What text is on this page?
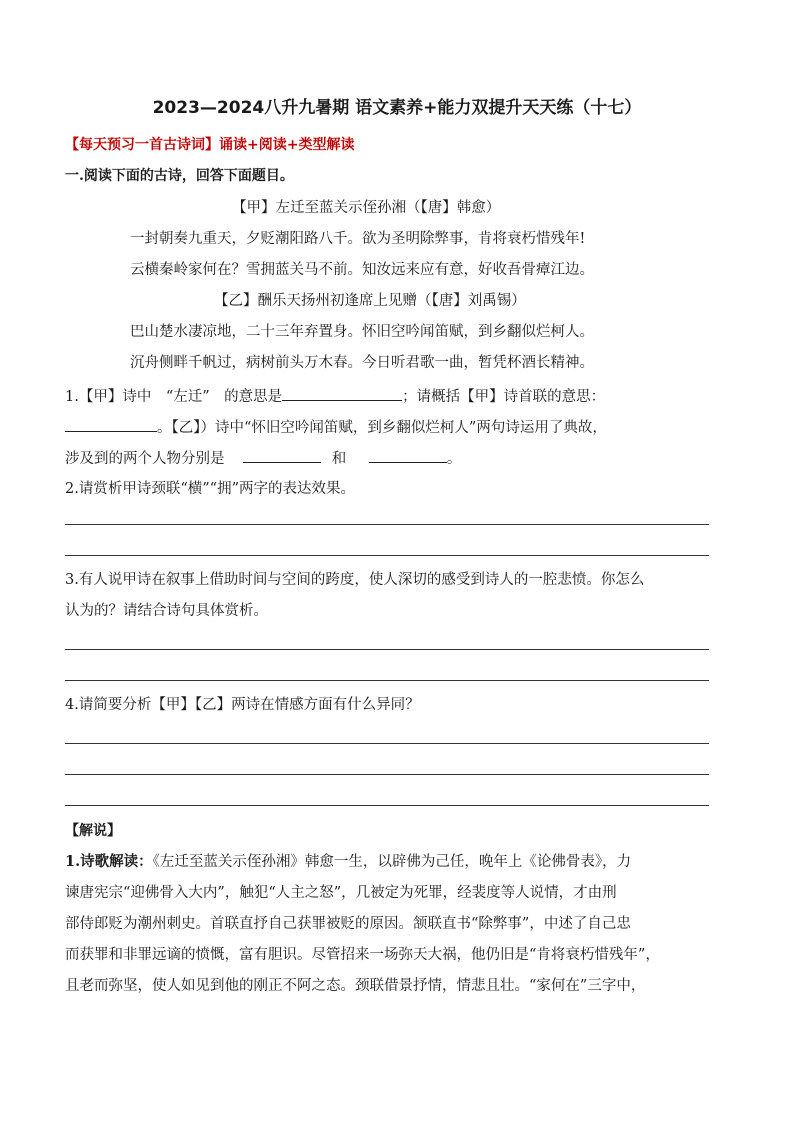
2023—2024八升九暑期 语文素养+能力双提升天天练（十七）
【每天预习一首古诗词】诵读+阅读+类型解读
一.阅读下面的古诗，回答下面题目。
【甲】左迁至蓝关示侄孙湘（【唐】韩愈）
一封朝奏九重天，夕贬潮阳路八千。欲为圣明除弊事，肯将衰朽惜残年!
云横秦岭家何在？雪拥蓝关马不前。知汝远来应有意，好收吾骨瘴江边。
【乙】酬乐天扬州初逢席上见赠（【唐】刘禹锡）
巴山楚水凄凉地，二十三年弃置身。怀旧空吟闻笛赋，到乡翻似烂柯人。
沉舟侧畔千帆过，病树前头万木春。今日听君歌一曲，暂凭杯酒长精神。
1.【甲】诗中　“左迁”　的意思是	；请概括【甲】诗首联的意思：
。【乙】）诗中“怀旧空吟闻笛赋，到乡翻似烂柯人”两句诗运用了典故，
涉及到的两个人物分别是	和	。
2.请赏析甲诗颈联“横”“拥”两字的表达效果。
3.有人说甲诗在叙事上借助时间与空间的跨度，使人深切的感受到诗人的一腔悲愤。你怎么
认为的？请结合诗句具体赏析。
4.请简要分析【甲】【乙】两诗在情感方面有什么异同？
【解说】
1.诗歌解读：《左迁至蓝关示侄孙湘》韩愈一生，以辟佛为己任，晚年上《论佛骨表》，力
谏唐宪宗“迎佛骨入大内”，触犯“人主之怒”，几被定为死罪，经裴度等人说情，才由刑
部侍郎贬为潮州刺史。首联直抒自己获罪被贬的原因。颔联直书“除弊事”，中述了自己忠
而获罪和非罪远谪的愤慨，富有胆识。尽管招来一场弥天大祸，他仍旧是“肯将衰朽惜残年”，
且老而弥坚，使人如见到他的刚正不阿之态。颈联借景抒情，情悲且壮。“家何在”三字中，
